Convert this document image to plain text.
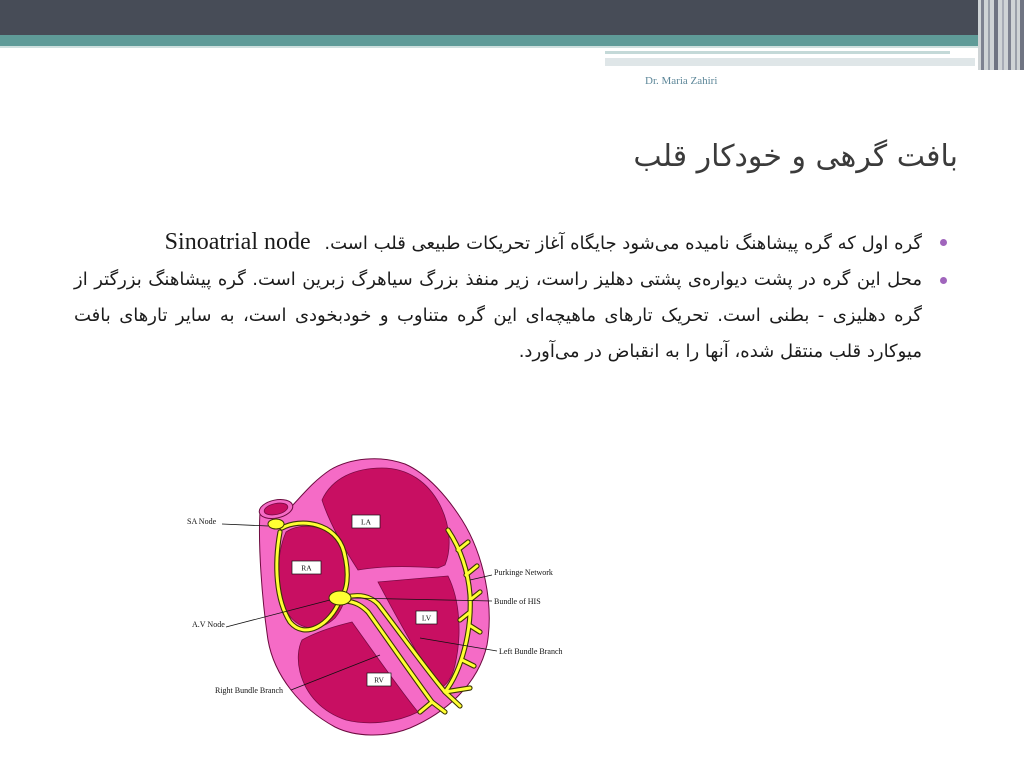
Dr. Maria Zahiri
بافت گرهی و خودکار قلب
گره اول که گره پیشاهنگ نامیده می‌شود جایگاه آغاز تحریکات طبیعی قلب است. Sinoatrial node
محل این گره در پشت دیواره‌ی پشتی دهلیز راست، زیر منفذ بزرگ سیاهرگ زبرین است. گره پیشاهنگ بزرگتر از گره دهلیزی - بطنی است. تحریک تارهای ماهیچه‌ای این گره متناوب و خودبخودی است، به سایر تارهای بافت میوکارد قلب منتقل شده، آنها را به انقباض در می‌آورد.
LA
RA
LV
RV
SA Node
A.V Node
Right Bundle Branch
Purkinge Network
Bundle of HIS
Left Bundle Branch
